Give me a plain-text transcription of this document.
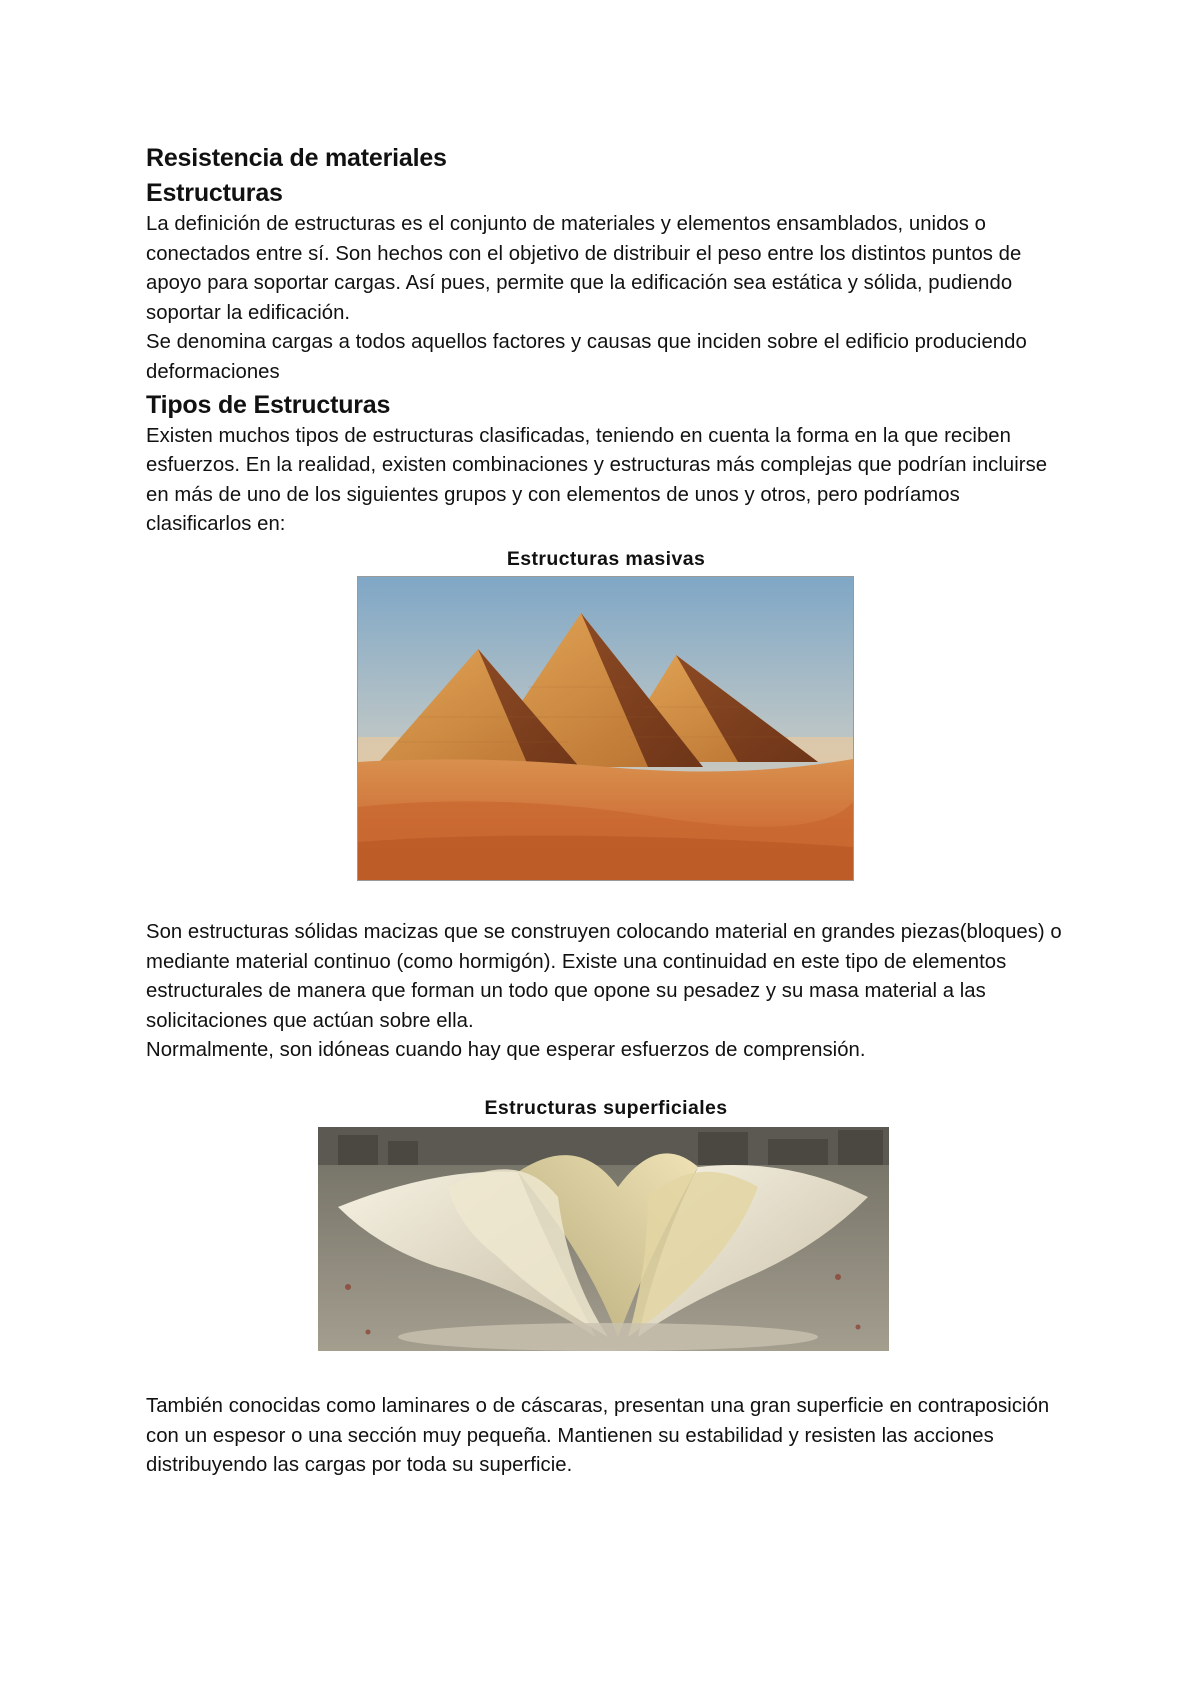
Resistencia de materiales

Estructuras

La definición de estructuras es el conjunto de materiales y elementos ensamblados, unidos o conectados entre sí. Son hechos con el objetivo de distribuir el peso entre los distintos puntos de apoyo para soportar cargas. Así pues, permite que la edificación sea estática y sólida, pudiendo soportar la edificación.

Se denomina cargas a todos aquellos factores y causas que inciden sobre el edificio produciendo deformaciones

Tipos de Estructuras

Existen muchos tipos de estructuras clasificadas, teniendo en cuenta la forma en la que reciben esfuerzos. En la realidad, existen combinaciones y estructuras más complejas que podrían incluirse en más de uno de los siguientes grupos y con elementos de unos y otros, pero podríamos clasificarlos en:

Estructuras masivas

Son estructuras sólidas macizas que se construyen colocando material en grandes piezas(bloques) o mediante material continuo (como hormigón). Existe una continuidad en este tipo de elementos estructurales de manera que forman un todo que opone su pesadez y su masa material a las solicitaciones que actúan sobre ella.

Normalmente, son idóneas cuando hay que esperar esfuerzos de comprensión.

Estructuras superficiales

También conocidas como laminares o de cáscaras, presentan una gran superficie en contraposición con un espesor o una sección muy pequeña. Mantienen su estabilidad y resisten las acciones distribuyendo las cargas por toda su superficie.
